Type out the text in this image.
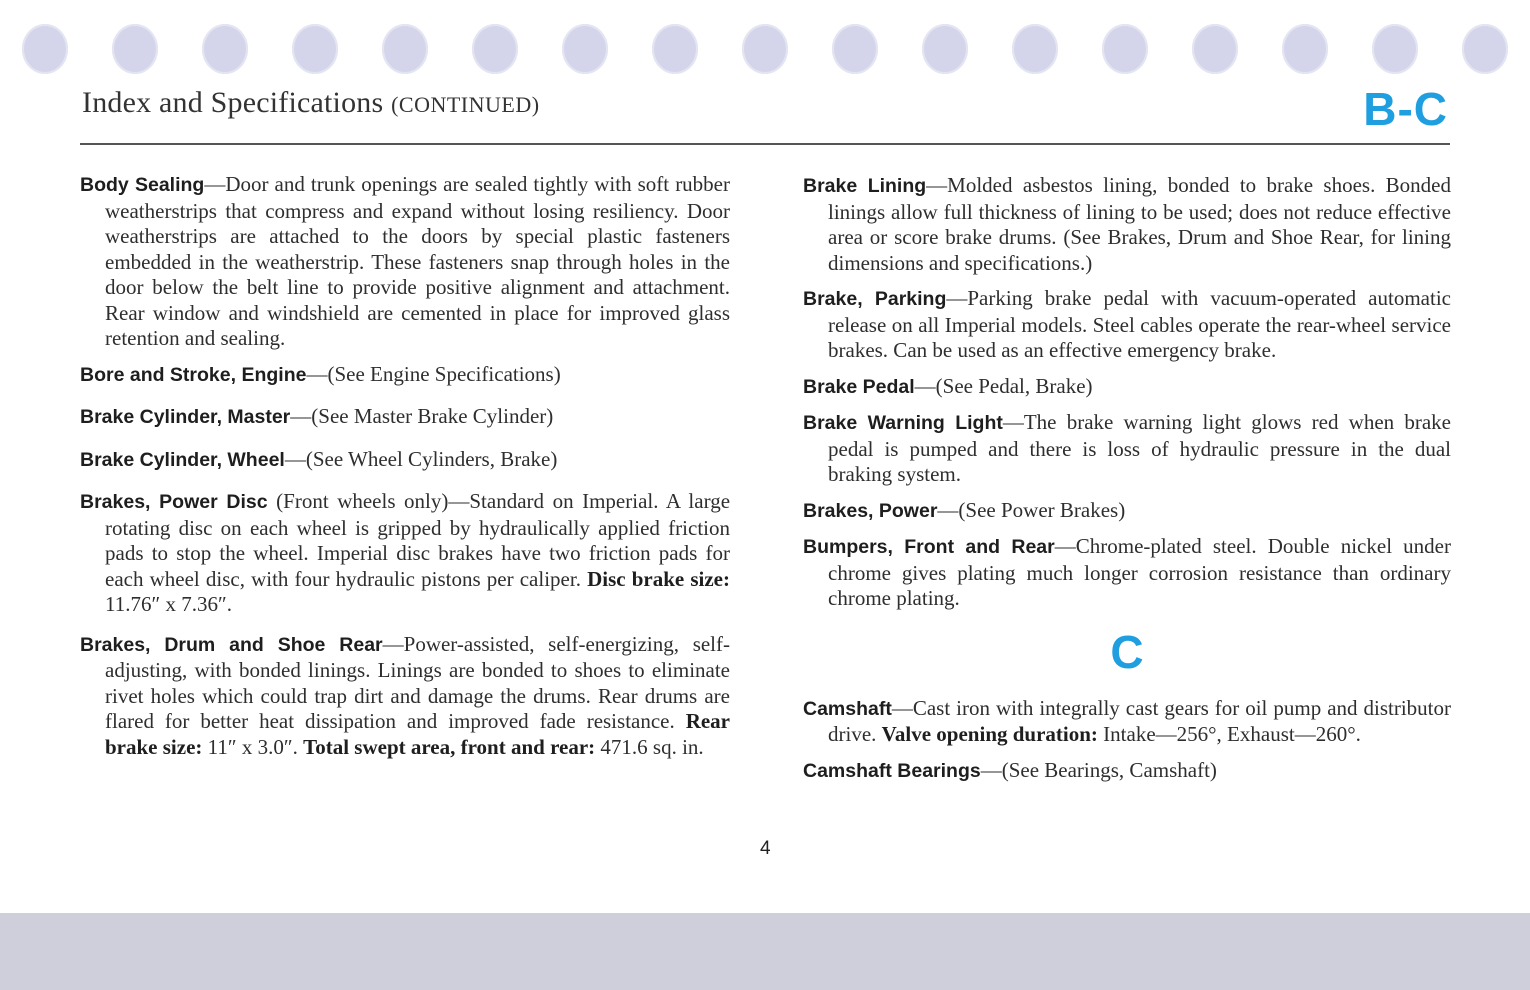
Index and Specifications (CONTINUED)	B-C

Body Sealing—Door and trunk openings are sealed tightly with soft rubber weatherstrips that compress and expand without losing resiliency. Door weatherstrips are attached to the doors by special plastic fasteners embedded in the weatherstrip. These fasteners snap through holes in the door below the belt line to provide positive alignment and attachment. Rear window and windshield are cemented in place for improved glass retention and sealing.

Bore and Stroke, Engine—(See Engine Specifications)

Brake Cylinder, Master—(See Master Brake Cylinder)

Brake Cylinder, Wheel—(See Wheel Cylinders, Brake)

Brakes, Power Disc (Front wheels only)—Standard on Imperial. A large rotating disc on each wheel is gripped by hydraulically applied friction pads to stop the wheel. Imperial disc brakes have two friction pads for each wheel disc, with four hydraulic pistons per caliper. Disc brake size: 11.76″ x 7.36″.

Brakes, Drum and Shoe Rear—Power-assisted, self-energizing, self-adjusting, with bonded linings. Linings are bonded to shoes to eliminate rivet holes which could trap dirt and damage the drums. Rear drums are flared for better heat dissipation and improved fade resistance. Rear brake size: 11″ x 3.0″. Total swept area, front and rear: 471.6 sq. in.

Brake Lining—Molded asbestos lining, bonded to brake shoes. Bonded linings allow full thickness of lining to be used; does not reduce effective area or score brake drums. (See Brakes, Drum and Shoe Rear, for lining dimensions and specifications.)

Brake, Parking—Parking brake pedal with vacuum-operated automatic release on all Imperial models. Steel cables operate the rear-wheel service brakes. Can be used as an effective emergency brake.

Brake Pedal—(See Pedal, Brake)

Brake Warning Light—The brake warning light glows red when brake pedal is pumped and there is loss of hydraulic pressure in the dual braking system.

Brakes, Power—(See Power Brakes)

Bumpers, Front and Rear—Chrome-plated steel. Double nickel under chrome gives plating much longer corrosion resistance than ordinary chrome plating.

C

Camshaft—Cast iron with integrally cast gears for oil pump and distributor drive. Valve opening duration: Intake—256°, Exhaust—260°.

Camshaft Bearings—(See Bearings, Camshaft)

4
